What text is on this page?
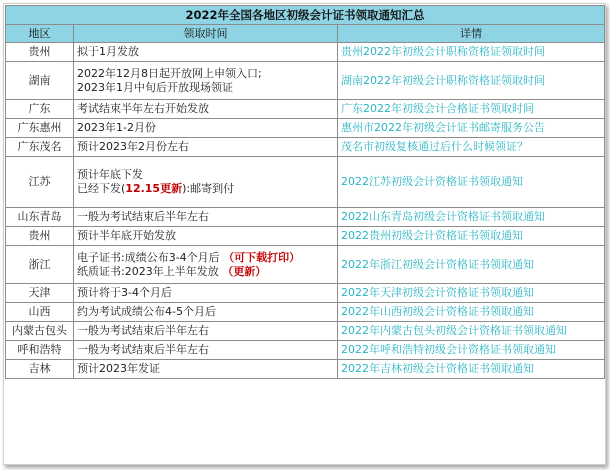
2022年全国各地区初级会计证书领取通知汇总		
地区	领取时间	详情
贵州	拟于1月发放	贵州2022年初级会计职称资格证领取时间
湖南	2022年12月8日起开放网上申领入口;
2023年1月中旬后开放现场领证	湖南2022年初级会计职称资格证领取时间
广东	考试结束半年左右开始发放	广东2022年初级会计合格证书领取时间
广东惠州	2023年1-2月份	惠州市2022年初级会计证书邮寄服务公告
广东茂名	预计2023年2月份左右	茂名市初级复核通过后什么时候领证？
江苏	预计年底下发
已经下发(12.15更新):邮寄到付	2022江苏初级会计资格证书领取通知
山东青岛	一般为考试结束后半年左右	2022山东青岛初级会计资格证书领取通知
贵州	预计半年底开始发放	2022贵州初级会计资格证书领取通知
浙江	电子证书:成绩公布3-4个月后 （可下载打印）
纸质证书:2023年上半年发放 （更新）	2022年浙江初级会计资格证书领取通知
天津	预计将于3-4个月后	2022年天津初级会计资格证书领取通知
山西	约为考试成绩公布4-5个月后	2022年山西初级会计资格证书领取通知
内蒙古包头	一般为考试结束后半年左右	2022年内蒙古包头初级会计资格证书领取通知
呼和浩特	一般为考试结束后半年左右	2022年呼和浩特初级会计资格证书领取通知
吉林	预计2023年发证	2022年吉林初级会计资格证书领取通知
